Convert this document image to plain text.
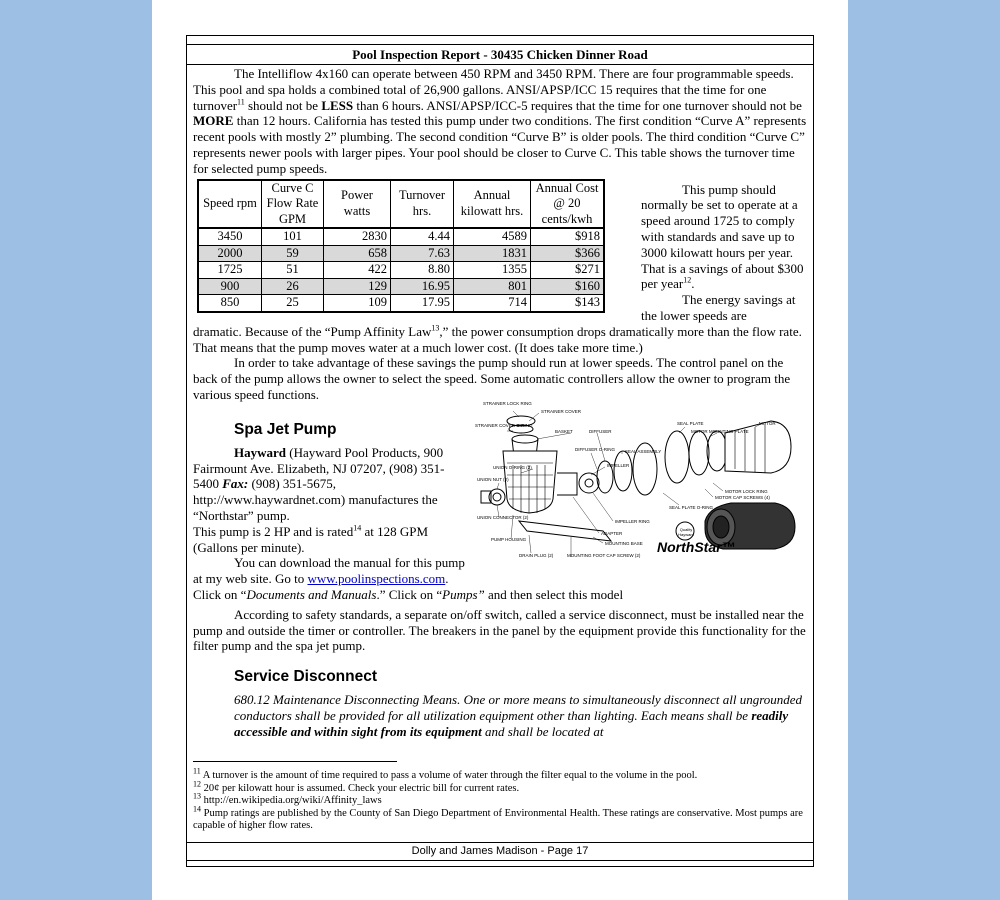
Pool Inspection Report - 30435 Chicken Dinner Road

The Intelliflow 4x160 can operate between 450 RPM and 3450 RPM. There are four programmable speeds. This pool and spa holds a combined total of 26,900 gallons. ANSI/APSP/ICC 15 requires that the time for one turnover$^{11}$ should not be LESS than 6 hours. ANSI/APSP/ICC-5 requires that the time for one turnover should not be MORE than 12 hours. California has tested this pump under two conditions. The first condition “Curve A” represents recent pools with mostly 2” plumbing. The second condition “Curve B” is older pools. The third condition “Curve C” represents newer pools with larger pipes. Your pool should be closer to Curve C. This table shows the turnover time for selected pump speeds.

Speed rpm	Curve C Flow Rate GPM	Power watts	Turnover hrs.	Annual kilowatt hrs.	Annual Cost @ 20 cents/kwh
3450	101	2830	4.44	4589	$918
2000	59	658	7.63	1831	$366
1725	51	422	8.80	1355	$271
900	26	129	16.95	801	$160
850	25	109	17.95	714	$143

This pump should normally be set to operate at a speed around 1725 to comply with standards and save up to 3000 kilowatt hours per year. That is a savings of about $300 per year$^{12}$.

The energy savings at the lower speeds are

dramatic. Because of the “Pump Affinity Law$^{13}$,” the power consumption drops dramatically more than the flow rate. That means that the pump moves water at a much lower cost. (It does take more time.)

In order to take advantage of these savings the pump should run at lower speeds. The control panel on the back of the pump allows the owner to select the speed. Some automatic controllers allow the owner to program the various speed functions.

STRAINER LOCK RING
STRAINER COVER
STRAINER COVER O-RING
BASKET	DIFFUSER
SEAL PLATE
MOTOR MOUNTING PLATE
MOTOR
DIFFUSER O-RING SEAL ASSEMBLY
UNION O-RING (2)	IMPELLER
UNION NUT (2)
MOTOR LOCK RING
MOTOR CAP SCREWS (4)
SEAL PLATE O-RING
UNION CONNECTOR (2)
IMPELLER RING
PUMP HOUSING
ADAPTER
MOUNTING BASE
DRAIN PLUG (2)	MOUNTING FOOT CAP SCREW (2)
Quality Hayward
NorthStar™
Spa Jet Pump

Hayward (Hayward Pool Products, 900 Fairmount Ave. Elizabeth, NJ 07207, (908) 351-5400 Fax: (908) 351-5675, http://www.haywardnet.com) manufactures the “Northstar” pump.

This pump is 2 HP and is rated$^{14}$ at 128 GPM (Gallons per minute).

You can download the manual for this pump at my web site. Go to www.poolinspections.com. Click on “Documents and Manuals.” Click on “Pumps” and then select this model

According to safety standards, a separate on/off switch, called a service disconnect, must be installed near the pump and outside the timer or controller. The breakers in the panel by the equipment provide this functionality for the filter pump and the spa jet pump.

Service Disconnect

680.12 Maintenance Disconnecting Means. One or more means to simultaneously disconnect all ungrounded conductors shall be provided for all utilization equipment other than lighting. Each means shall be readily accessible and within sight from its equipment and shall be located at

$^{11}$ A turnover is the amount of time required to pass a volume of water through the filter equal to the volume in the pool.

$^{12}$ 20¢ per kilowatt hour is assumed. Check your electric bill for current rates.

$^{13}$ http://en.wikipedia.org/wiki/Affinity_laws

$^{14}$ Pump ratings are published by the County of San Diego Department of Environmental Health. These ratings are conservative. Most pumps are capable of higher flow rates.

Dolly and James Madison - Page 17
